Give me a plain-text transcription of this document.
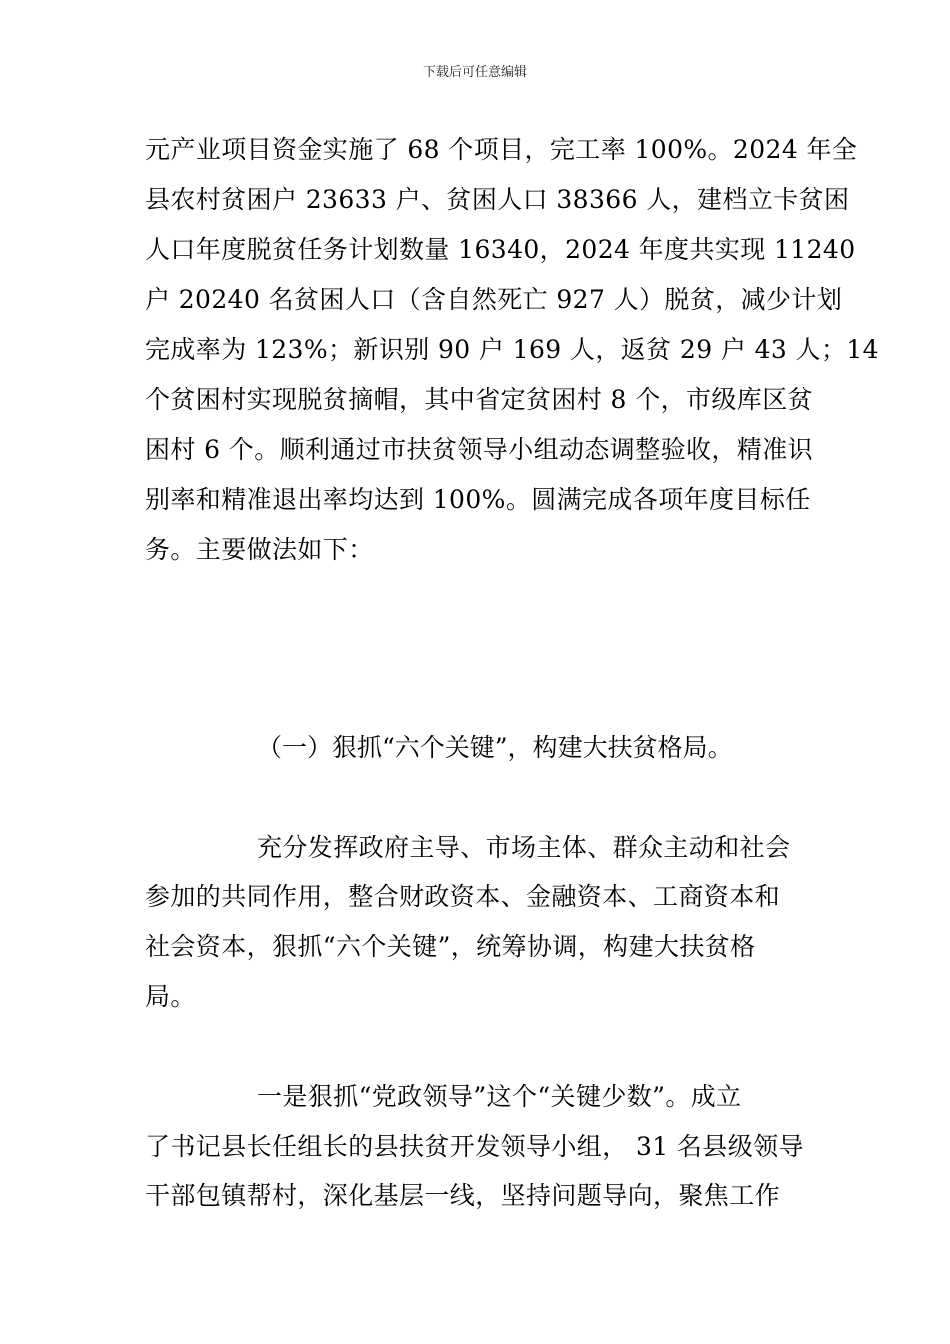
下载后可任意编辑
元产业项目资金实施了 68 个项目，完工率 100%。2024 年全
县农村贫困户 23633 户、贫困人口 38366 人，建档立卡贫困
人口年度脱贫任务计划数量 16340，2024 年度共实现 11240
户 20240 名贫困人口（含自然死亡 927 人）脱贫，减少计划
完成率为 123%；新识别 90 户 169 人，返贫 29 户 43 人；14
个贫困村实现脱贫摘帽，其中省定贫困村 8 个，市级库区贫
困村 6 个。顺利通过市扶贫领导小组动态调整验收，精准识
别率和精准退出率均达到 100%。圆满完成各项年度目标任
务。主要做法如下：
（一）狠抓“六个关键”，构建大扶贫格局。
充分发挥政府主导、市场主体、群众主动和社会
参加的共同作用，整合财政资本、金融资本、工商资本和
社会资本，狠抓“六个关键”，统筹协调，构建大扶贫格
局。
一是狠抓“党政领导”这个“关键少数”。成立
了书记县长任组长的县扶贫开发领导小组， 31 名县级领导
干部包镇帮村，深化基层一线，坚持问题导向，聚焦工作
